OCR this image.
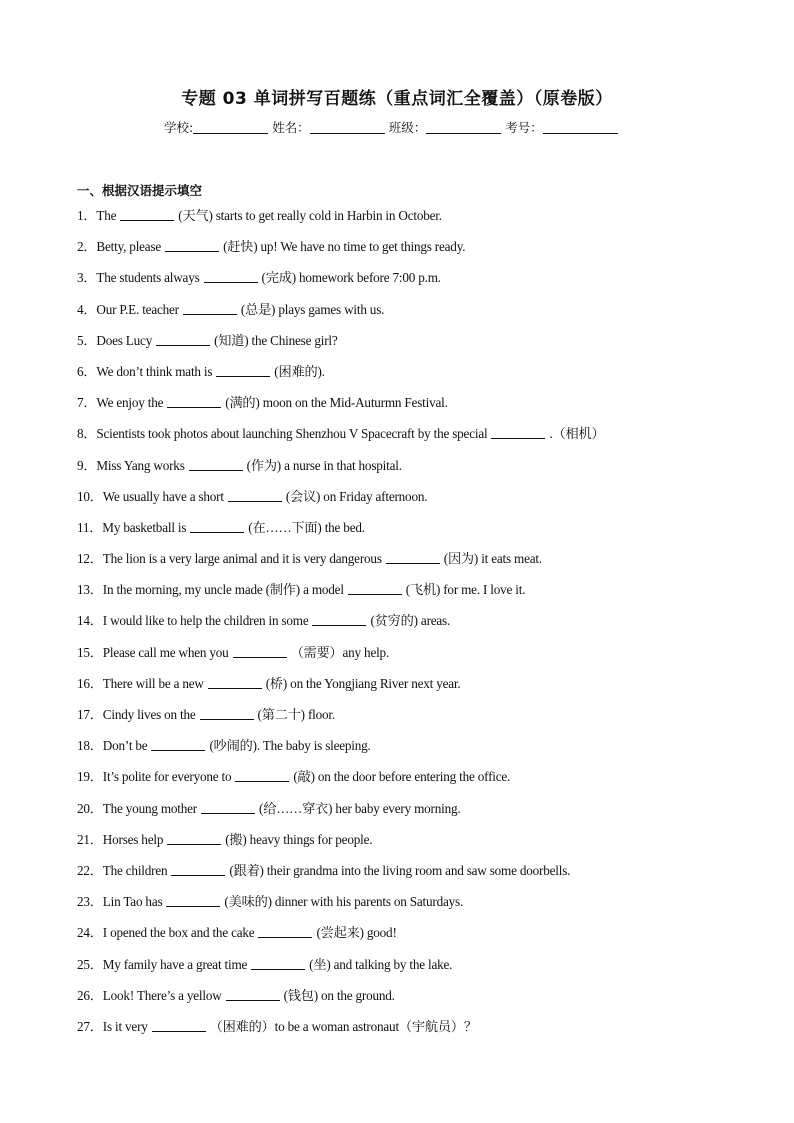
专题 03 单词拼写百题练（重点词汇全覆盖）（原卷版）
学校:	姓名：	班级：	考号：
一、根据汉语提示填空
1．The	(天气) starts to get really cold in Harbin in October.
2．Betty, please	(赶快) up! We have no time to get things ready.
3．The students always	(完成) homework before 7:00 p.m.
4．Our P.E. teacher	(总是) plays games with us.
5．Does Lucy	(知道) the Chinese girl?
6．We don’t think math is	(困难的).
7．We enjoy the	(满的) moon on the Mid-Auturmn Festival.
8．Scientists took photos about launching Shenzhou V Spacecraft by the special	.（相机）
9．Miss Yang works	(作为) a nurse in that hospital.
10．We usually have a short	(会议) on Friday afternoon.
11．My basketball is	(在……下面) the bed.
12．The lion is a very large animal and it is very dangerous	(因为) it eats meat.
13．In the morning, my uncle made (制作) a model	(飞机) for me. I love it.
14．I would like to help the children in some	(贫穷的) areas.
15．Please call me when you	（需要）any help.
16．There will be a new	(桥) on the Yongjiang River next year.
17．Cindy lives on the	(第二十) floor.
18．Don’t be	(吵闹的). The baby is sleeping.
19．It’s polite for everyone to	(敲) on the door before entering the office.
20．The young mother	(给……穿衣) her baby every morning.
21．Horses help	(搬) heavy things for people.
22．The children	(跟着) their grandma into the living room and saw some doorbells.
23．Lin Tao has	(美味的) dinner with his parents on Saturdays.
24．I opened the box and the cake	(尝起来) good!
25．My family have a great time	(坐) and talking by the lake.
26．Look! There’s a yellow	(钱包) on the ground.
27．Is it very	（困难的）to be a woman astronaut（宇航员）？
